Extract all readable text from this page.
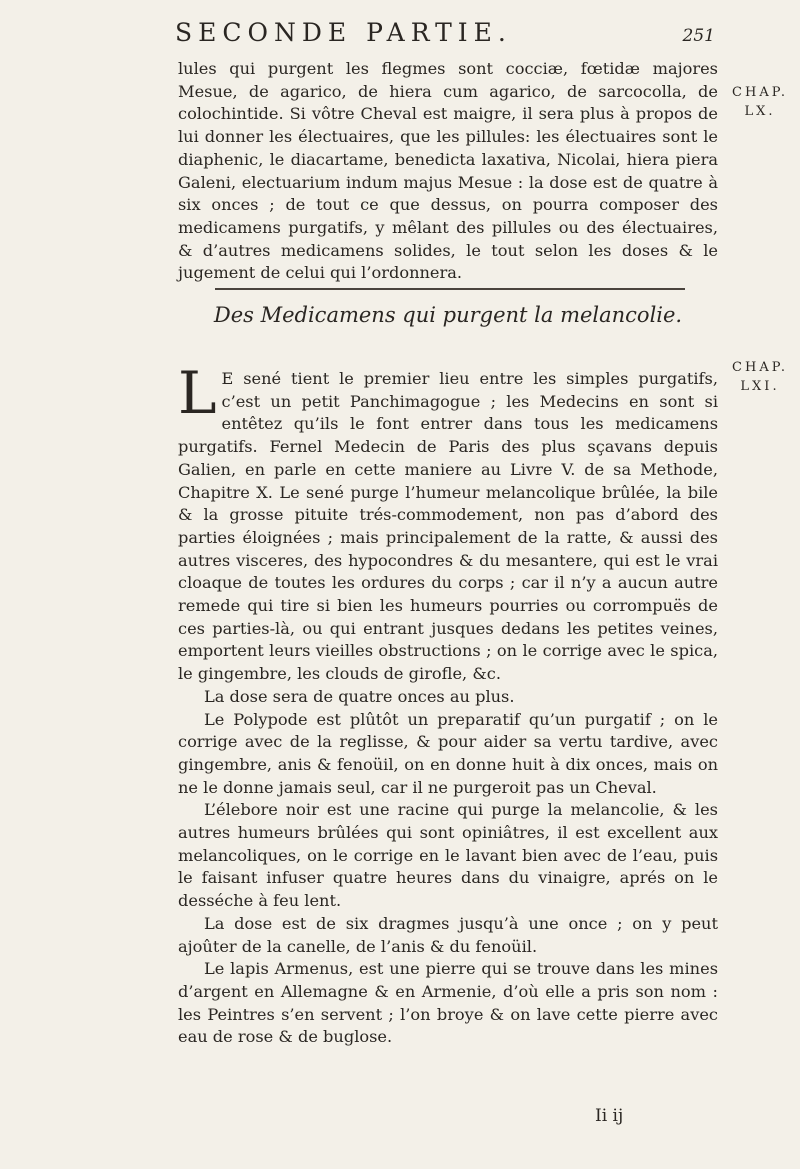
SECONDE PARTIE.	251
CHAP. LX.

lules qui purgent les flegmes sont cocciæ, fœtidæ majores Mesue, de agarico, de hiera cum agarico, de sarcocolla, de colochintide. Si vôtre Cheval est maigre, il sera plus à propos de lui donner les électuaires, que les pillules: les électuaires sont le diaphenic, le diacartame, benedicta laxativa, Nicolai, hiera piera Galeni, electuarium indum majus Mesue : la dose est de quatre à six onces ; de tout ce que dessus, on pourra composer des medicamens purgatifs, y mêlant des pillules ou des électuaires, & d’autres medicamens solides, le tout selon les doses & le jugement de celui qui l’ordonnera.

Des Medicamens qui purgent la melancolie.
CHAP. LXI.

L E sené tient le premier lieu entre les simples purgatifs, c’est un petit Panchimagogue ; les Medecins en sont si entêtez qu’ils le font entrer dans tous les medicamens purgatifs. Fernel Medecin de Paris des plus sçavans depuis Galien, en parle en cette maniere au Livre V. de sa Methode, Chapitre X. Le sené purge l’humeur melancolique brûlée, la bile & la grosse pituite trés-commodement, non pas d’abord des parties éloignées ; mais principalement de la ratte, & aussi des autres visceres, des hypocondres & du mesantere, qui est le vrai cloaque de toutes les ordures du corps ; car il n’y a aucun autre remede qui tire si bien les humeurs pourries ou corrompuës de ces parties-là, ou qui entrant jusques dedans les petites veines, emportent leurs vieilles obstructions ; on le corrige avec le spica, le gingembre, les clouds de girofle, &c.

La dose sera de quatre onces au plus.

Le Polypode est plûtôt un preparatif qu’un purgatif ; on le corrige avec de la reglisse, & pour aider sa vertu tardive, avec gingembre, anis & fenoüil, on en donne huit à dix onces, mais on ne le donne jamais seul, car il ne purgeroit pas un Cheval.

L’élebore noir est une racine qui purge la melancolie, & les autres humeurs brûlées qui sont opiniâtres, il est excellent aux melancoliques, on le corrige en le lavant bien avec de l’eau, puis le faisant infuser quatre heures dans du vinaigre, aprés on le desséche à feu lent.

La dose est de six dragmes jusqu’à une once ; on y peut ajoûter de la canelle, de l’anis & du fenoüil.

Le lapis Armenus, est une pierre qui se trouve dans les mines d’argent en Allemagne & en Armenie, d’où elle a pris son nom : les Peintres s’en servent ; l’on broye & on lave cette pierre avec eau de rose & de buglose.

Ii ij
